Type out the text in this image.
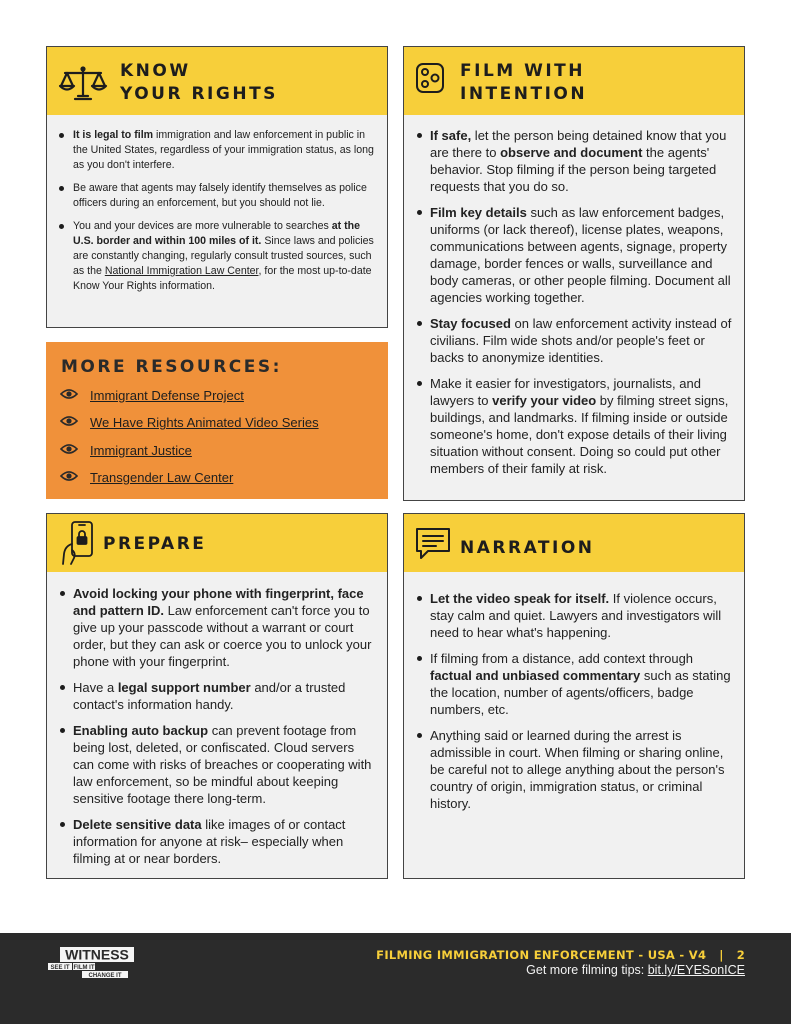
KNOW
YOUR RIGHTS
It is legal to film immigration and law enforcement in public in the United States, regardless of your immigration status, as long as you don't interfere.
Be aware that agents may falsely identify themselves as police officers during an enforcement, but you should not lie.
You and your devices are more vulnerable to searches at the U.S. border and within 100 miles of it. Since laws and policies are constantly changing, regularly consult trusted sources, such as the National Immigration Law Center, for the most up-to-date Know Your Rights information.
MORE RESOURCES:
Immigrant Defense Project
We Have Rights Animated Video Series
Immigrant Justice
Transgender Law Center
FILM WITH
INTENTION
If safe, let the person being detained know that you are there to observe and document the agents' behavior. Stop filming if the person being targeted requests that you do so.
Film key details such as law enforcement badges, uniforms (or lack thereof), license plates, weapons, communications between agents, signage, property damage, border fences or walls, surveillance and body cameras, or other people filming. Document all agencies working together.
Stay focused on law enforcement activity instead of civilians. Film wide shots and/or people's feet or backs to anonymize identities.
Make it easier for investigators, journalists, and lawyers to verify your video by filming street signs, buildings, and landmarks. If filming inside or outside someone's home, don't expose details of their living situation without consent. Doing so could put other members of their family at risk.
PREPARE
Avoid locking your phone with fingerprint, face and pattern ID. Law enforcement can't force you to give up your passcode without a warrant or court order, but they can ask or coerce you to unlock your phone with your fingerprint.
Have a legal support number and/or a trusted contact's information handy.
Enabling auto backup can prevent footage from being lost, deleted, or confiscated. Cloud servers can come with risks of breaches or cooperating with law enforcement, so be mindful about keeping sensitive footage there long-term.
Delete sensitive data like images of or contact information for anyone at risk– especially when filming at or near borders.
NARRATION
Let the video speak for itself. If violence occurs, stay calm and quiet. Lawyers and investigators will need to hear what's happening.
If filming from a distance, add context through factual and unbiased commentary such as stating the location, number of agents/officers, badge numbers, etc.
Anything said or learned during the arrest is admissible in court. When filming or sharing online, be careful not to allege anything about the person's country of origin, immigration status, or criminal history.
WITNESS
SEE IT FILM IT
CHANGE IT
FILMING IMMIGRATION ENFORCEMENT - USA - V4 | 2
Get more filming tips: bit.ly/EYESonICE
